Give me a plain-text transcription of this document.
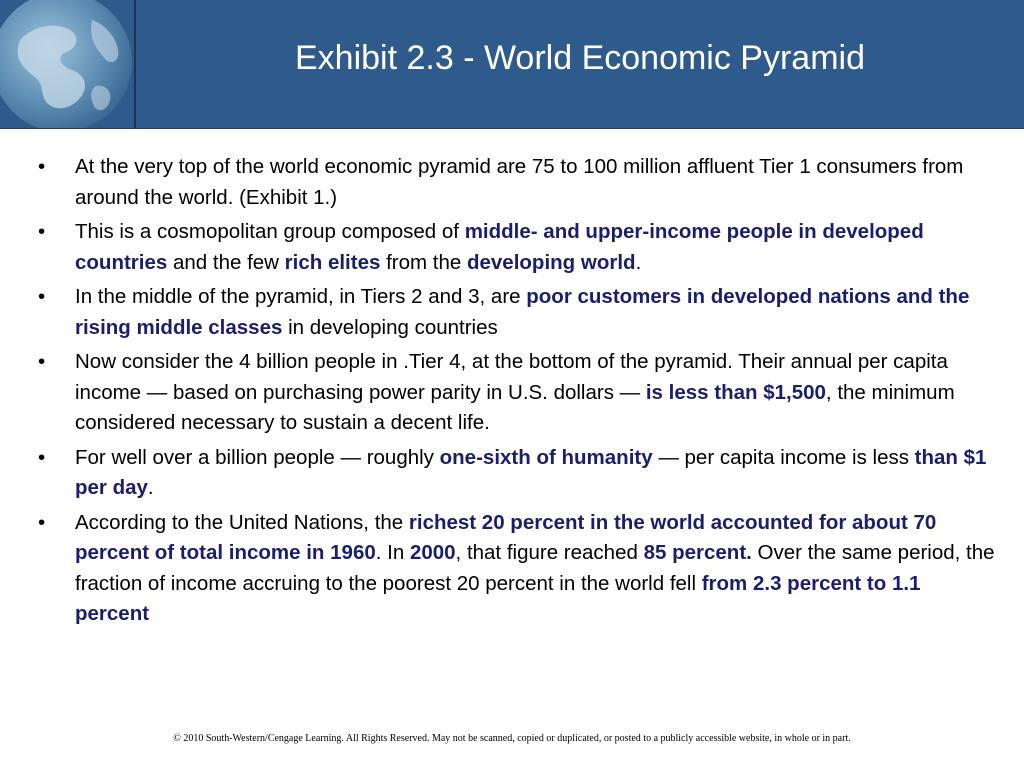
Exhibit 2.3 - World Economic Pyramid
• At the very top of the world economic pyramid are 75 to 100 million affluent Tier 1 consumers from around the world. (Exhibit 1.)
• This is a cosmopolitan group composed of middle- and upper-income people in developed countries and the few rich elites from the developing world.
• In the middle of the pyramid, in Tiers 2 and 3, are poor customers in developed nations and the rising middle classes in developing countries
• Now consider the 4 billion people in .Tier 4, at the bottom of the pyramid. Their annual per capita income — based on purchasing power parity in U.S. dollars — is less than $1,500, the minimum considered necessary to sustain a decent life.
• For well over a billion people — roughly one-sixth of humanity — per capita income is less than $1 per day.
• According to the United Nations, the richest 20 percent in the world accounted for about 70 percent of total income in 1960. In 2000, that figure reached 85 percent. Over the same period, the fraction of income accruing to the poorest 20 percent in the world fell from 2.3 percent to 1.1 percent
© 2010 South-Western/Cengage Learning. All Rights Reserved. May not be scanned, copied or duplicated, or posted to a publicly accessible website, in whole or in part.
